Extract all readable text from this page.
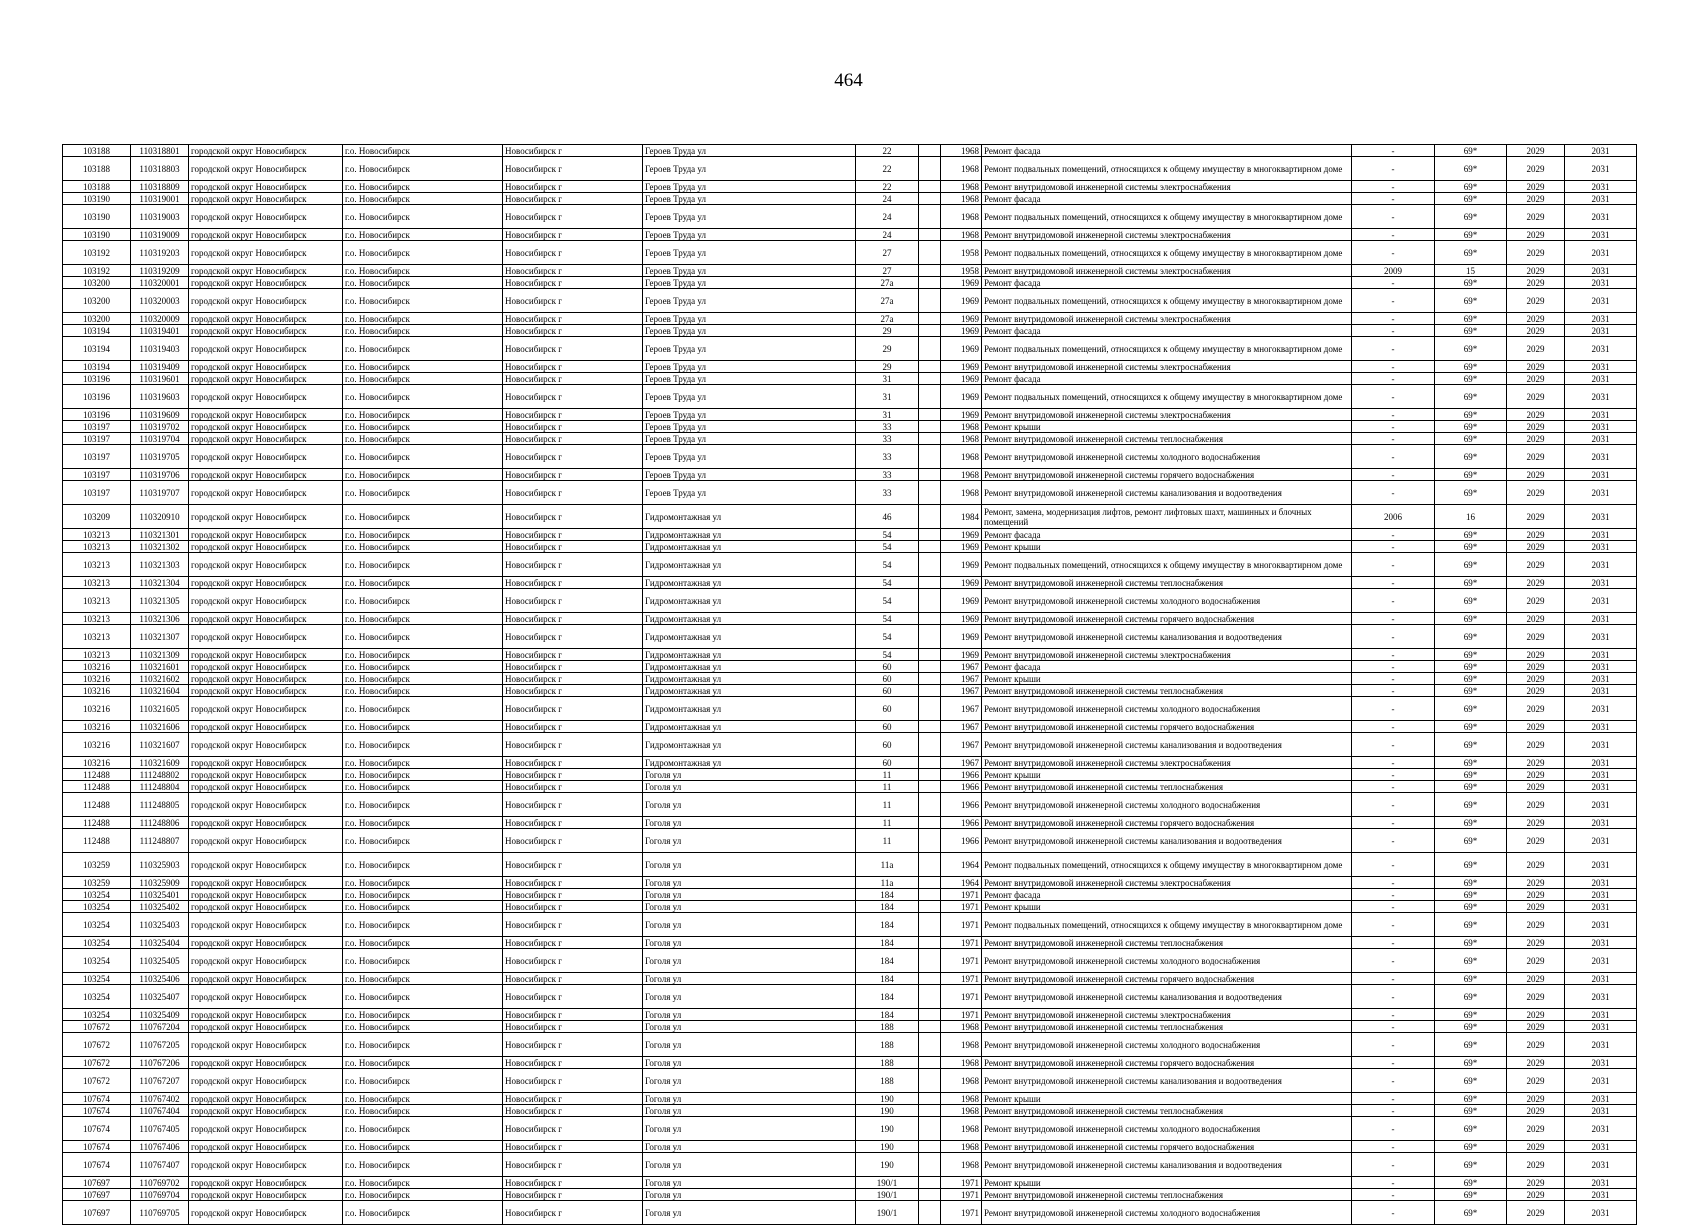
464
103188	110318801	городской округ Новосибирск	г.о. Новосибирск	Новосибирск г	Героев Труда ул	22		1968	Ремонт фасада	-	69*	2029	2031
103188	110318803	городской округ Новосибирск	г.о. Новосибирск	Новосибирск г	Героев Труда ул	22		1968	Ремонт подвальных помещений, относящихся к общему имуществу в многоквартирном доме	-	69*	2029	2031
103188	110318809	городской округ Новосибирск	г.о. Новосибирск	Новосибирск г	Героев Труда ул	22		1968	Ремонт внутридомовой инженерной системы электроснабжения	-	69*	2029	2031
103190	110319001	городской округ Новосибирск	г.о. Новосибирск	Новосибирск г	Героев Труда ул	24		1968	Ремонт фасада	-	69*	2029	2031
103190	110319003	городской округ Новосибирск	г.о. Новосибирск	Новосибирск г	Героев Труда ул	24		1968	Ремонт подвальных помещений, относящихся к общему имуществу в многоквартирном доме	-	69*	2029	2031
103190	110319009	городской округ Новосибирск	г.о. Новосибирск	Новосибирск г	Героев Труда ул	24		1968	Ремонт внутридомовой инженерной системы электроснабжения	-	69*	2029	2031
103192	110319203	городской округ Новосибирск	г.о. Новосибирск	Новосибирск г	Героев Труда ул	27		1958	Ремонт подвальных помещений, относящихся к общему имуществу в многоквартирном доме	-	69*	2029	2031
103192	110319209	городской округ Новосибирск	г.о. Новосибирск	Новосибирск г	Героев Труда ул	27		1958	Ремонт внутридомовой инженерной системы электроснабжения	2009	15	2029	2031
103200	110320001	городской округ Новосибирск	г.о. Новосибирск	Новосибирск г	Героев Труда ул	27а		1969	Ремонт фасада	-	69*	2029	2031
103200	110320003	городской округ Новосибирск	г.о. Новосибирск	Новосибирск г	Героев Труда ул	27а		1969	Ремонт подвальных помещений, относящихся к общему имуществу в многоквартирном доме	-	69*	2029	2031
103200	110320009	городской округ Новосибирск	г.о. Новосибирск	Новосибирск г	Героев Труда ул	27а		1969	Ремонт внутридомовой инженерной системы электроснабжения	-	69*	2029	2031
103194	110319401	городской округ Новосибирск	г.о. Новосибирск	Новосибирск г	Героев Труда ул	29		1969	Ремонт фасада	-	69*	2029	2031
103194	110319403	городской округ Новосибирск	г.о. Новосибирск	Новосибирск г	Героев Труда ул	29		1969	Ремонт подвальных помещений, относящихся к общему имуществу в многоквартирном доме	-	69*	2029	2031
103194	110319409	городской округ Новосибирск	г.о. Новосибирск	Новосибирск г	Героев Труда ул	29		1969	Ремонт внутридомовой инженерной системы электроснабжения	-	69*	2029	2031
103196	110319601	городской округ Новосибирск	г.о. Новосибирск	Новосибирск г	Героев Труда ул	31		1969	Ремонт фасада	-	69*	2029	2031
103196	110319603	городской округ Новосибирск	г.о. Новосибирск	Новосибирск г	Героев Труда ул	31		1969	Ремонт подвальных помещений, относящихся к общему имуществу в многоквартирном доме	-	69*	2029	2031
103196	110319609	городской округ Новосибирск	г.о. Новосибирск	Новосибирск г	Героев Труда ул	31		1969	Ремонт внутридомовой инженерной системы электроснабжения	-	69*	2029	2031
103197	110319702	городской округ Новосибирск	г.о. Новосибирск	Новосибирск г	Героев Труда ул	33		1968	Ремонт крыши	-	69*	2029	2031
103197	110319704	городской округ Новосибирск	г.о. Новосибирск	Новосибирск г	Героев Труда ул	33		1968	Ремонт внутридомовой инженерной системы теплоснабжения	-	69*	2029	2031
103197	110319705	городской округ Новосибирск	г.о. Новосибирск	Новосибирск г	Героев Труда ул	33		1968	Ремонт внутридомовой инженерной системы холодного водоснабжения	-	69*	2029	2031
103197	110319706	городской округ Новосибирск	г.о. Новосибирск	Новосибирск г	Героев Труда ул	33		1968	Ремонт внутридомовой инженерной системы горячего водоснабжения	-	69*	2029	2031
103197	110319707	городской округ Новосибирск	г.о. Новосибирск	Новосибирск г	Героев Труда ул	33		1968	Ремонт внутридомовой инженерной системы канализования и водоотведения	-	69*	2029	2031
103209	110320910	городской округ Новосибирск	г.о. Новосибирск	Новосибирск г	Гидромонтажная ул	46		1984	Ремонт, замена, модернизация лифтов, ремонт лифтовых шахт, машинных и блочных помещений	2006	16	2029	2031
103213	110321301	городской округ Новосибирск	г.о. Новосибирск	Новосибирск г	Гидромонтажная ул	54		1969	Ремонт фасада	-	69*	2029	2031
103213	110321302	городской округ Новосибирск	г.о. Новосибирск	Новосибирск г	Гидромонтажная ул	54		1969	Ремонт крыши	-	69*	2029	2031
103213	110321303	городской округ Новосибирск	г.о. Новосибирск	Новосибирск г	Гидромонтажная ул	54		1969	Ремонт подвальных помещений, относящихся к общему имуществу в многоквартирном доме	-	69*	2029	2031
103213	110321304	городской округ Новосибирск	г.о. Новосибирск	Новосибирск г	Гидромонтажная ул	54		1969	Ремонт внутридомовой инженерной системы теплоснабжения	-	69*	2029	2031
103213	110321305	городской округ Новосибирск	г.о. Новосибирск	Новосибирск г	Гидромонтажная ул	54		1969	Ремонт внутридомовой инженерной системы холодного водоснабжения	-	69*	2029	2031
103213	110321306	городской округ Новосибирск	г.о. Новосибирск	Новосибирск г	Гидромонтажная ул	54		1969	Ремонт внутридомовой инженерной системы горячего водоснабжения	-	69*	2029	2031
103213	110321307	городской округ Новосибирск	г.о. Новосибирск	Новосибирск г	Гидромонтажная ул	54		1969	Ремонт внутридомовой инженерной системы канализования и водоотведения	-	69*	2029	2031
103213	110321309	городской округ Новосибирск	г.о. Новосибирск	Новосибирск г	Гидромонтажная ул	54		1969	Ремонт внутридомовой инженерной системы электроснабжения	-	69*	2029	2031
103216	110321601	городской округ Новосибирск	г.о. Новосибирск	Новосибирск г	Гидромонтажная ул	60		1967	Ремонт фасада	-	69*	2029	2031
103216	110321602	городской округ Новосибирск	г.о. Новосибирск	Новосибирск г	Гидромонтажная ул	60		1967	Ремонт крыши	-	69*	2029	2031
103216	110321604	городской округ Новосибирск	г.о. Новосибирск	Новосибирск г	Гидромонтажная ул	60		1967	Ремонт внутридомовой инженерной системы теплоснабжения	-	69*	2029	2031
103216	110321605	городской округ Новосибирск	г.о. Новосибирск	Новосибирск г	Гидромонтажная ул	60		1967	Ремонт внутридомовой инженерной системы холодного водоснабжения	-	69*	2029	2031
103216	110321606	городской округ Новосибирск	г.о. Новосибирск	Новосибирск г	Гидромонтажная ул	60		1967	Ремонт внутридомовой инженерной системы горячего водоснабжения	-	69*	2029	2031
103216	110321607	городской округ Новосибирск	г.о. Новосибирск	Новосибирск г	Гидромонтажная ул	60		1967	Ремонт внутридомовой инженерной системы канализования и водоотведения	-	69*	2029	2031
103216	110321609	городской округ Новосибирск	г.о. Новосибирск	Новосибирск г	Гидромонтажная ул	60		1967	Ремонт внутридомовой инженерной системы электроснабжения	-	69*	2029	2031
112488	111248802	городской округ Новосибирск	г.о. Новосибирск	Новосибирск г	Гоголя ул	11		1966	Ремонт крыши	-	69*	2029	2031
112488	111248804	городской округ Новосибирск	г.о. Новосибирск	Новосибирск г	Гоголя ул	11		1966	Ремонт внутридомовой инженерной системы теплоснабжения	-	69*	2029	2031
112488	111248805	городской округ Новосибирск	г.о. Новосибирск	Новосибирск г	Гоголя ул	11		1966	Ремонт внутридомовой инженерной системы холодного водоснабжения	-	69*	2029	2031
112488	111248806	городской округ Новосибирск	г.о. Новосибирск	Новосибирск г	Гоголя ул	11		1966	Ремонт внутридомовой инженерной системы горячего водоснабжения	-	69*	2029	2031
112488	111248807	городской округ Новосибирск	г.о. Новосибирск	Новосибирск г	Гоголя ул	11		1966	Ремонт внутридомовой инженерной системы канализования и водоотведения	-	69*	2029	2031
103259	110325903	городской округ Новосибирск	г.о. Новосибирск	Новосибирск г	Гоголя ул	11а		1964	Ремонт подвальных помещений, относящихся к общему имуществу в многоквартирном доме	-	69*	2029	2031
103259	110325909	городской округ Новосибирск	г.о. Новосибирск	Новосибирск г	Гоголя ул	11а		1964	Ремонт внутридомовой инженерной системы электроснабжения	-	69*	2029	2031
103254	110325401	городской округ Новосибирск	г.о. Новосибирск	Новосибирск г	Гоголя ул	184		1971	Ремонт фасада	-	69*	2029	2031
103254	110325402	городской округ Новосибирск	г.о. Новосибирск	Новосибирск г	Гоголя ул	184		1971	Ремонт крыши	-	69*	2029	2031
103254	110325403	городской округ Новосибирск	г.о. Новосибирск	Новосибирск г	Гоголя ул	184		1971	Ремонт подвальных помещений, относящихся к общему имуществу в многоквартирном доме	-	69*	2029	2031
103254	110325404	городской округ Новосибирск	г.о. Новосибирск	Новосибирск г	Гоголя ул	184		1971	Ремонт внутридомовой инженерной системы теплоснабжения	-	69*	2029	2031
103254	110325405	городской округ Новосибирск	г.о. Новосибирск	Новосибирск г	Гоголя ул	184		1971	Ремонт внутридомовой инженерной системы холодного водоснабжения	-	69*	2029	2031
103254	110325406	городской округ Новосибирск	г.о. Новосибирск	Новосибирск г	Гоголя ул	184		1971	Ремонт внутридомовой инженерной системы горячего водоснабжения	-	69*	2029	2031
103254	110325407	городской округ Новосибирск	г.о. Новосибирск	Новосибирск г	Гоголя ул	184		1971	Ремонт внутридомовой инженерной системы канализования и водоотведения	-	69*	2029	2031
103254	110325409	городской округ Новосибирск	г.о. Новосибирск	Новосибирск г	Гоголя ул	184		1971	Ремонт внутридомовой инженерной системы электроснабжения	-	69*	2029	2031
107672	110767204	городской округ Новосибирск	г.о. Новосибирск	Новосибирск г	Гоголя ул	188		1968	Ремонт внутридомовой инженерной системы теплоснабжения	-	69*	2029	2031
107672	110767205	городской округ Новосибирск	г.о. Новосибирск	Новосибирск г	Гоголя ул	188		1968	Ремонт внутридомовой инженерной системы холодного водоснабжения	-	69*	2029	2031
107672	110767206	городской округ Новосибирск	г.о. Новосибирск	Новосибирск г	Гоголя ул	188		1968	Ремонт внутридомовой инженерной системы горячего водоснабжения	-	69*	2029	2031
107672	110767207	городской округ Новосибирск	г.о. Новосибирск	Новосибирск г	Гоголя ул	188		1968	Ремонт внутридомовой инженерной системы канализования и водоотведения	-	69*	2029	2031
107674	110767402	городской округ Новосибирск	г.о. Новосибирск	Новосибирск г	Гоголя ул	190		1968	Ремонт крыши	-	69*	2029	2031
107674	110767404	городской округ Новосибирск	г.о. Новосибирск	Новосибирск г	Гоголя ул	190		1968	Ремонт внутридомовой инженерной системы теплоснабжения	-	69*	2029	2031
107674	110767405	городской округ Новосибирск	г.о. Новосибирск	Новосибирск г	Гоголя ул	190		1968	Ремонт внутридомовой инженерной системы холодного водоснабжения	-	69*	2029	2031
107674	110767406	городской округ Новосибирск	г.о. Новосибирск	Новосибирск г	Гоголя ул	190		1968	Ремонт внутридомовой инженерной системы горячего водоснабжения	-	69*	2029	2031
107674	110767407	городской округ Новосибирск	г.о. Новосибирск	Новосибирск г	Гоголя ул	190		1968	Ремонт внутридомовой инженерной системы канализования и водоотведения	-	69*	2029	2031
107697	110769702	городской округ Новосибирск	г.о. Новосибирск	Новосибирск г	Гоголя ул	190/1		1971	Ремонт крыши	-	69*	2029	2031
107697	110769704	городской округ Новосибирск	г.о. Новосибирск	Новосибирск г	Гоголя ул	190/1		1971	Ремонт внутридомовой инженерной системы теплоснабжения	-	69*	2029	2031
107697	110769705	городской округ Новосибирск	г.о. Новосибирск	Новосибирск г	Гоголя ул	190/1		1971	Ремонт внутридомовой инженерной системы холодного водоснабжения	-	69*	2029	2031
